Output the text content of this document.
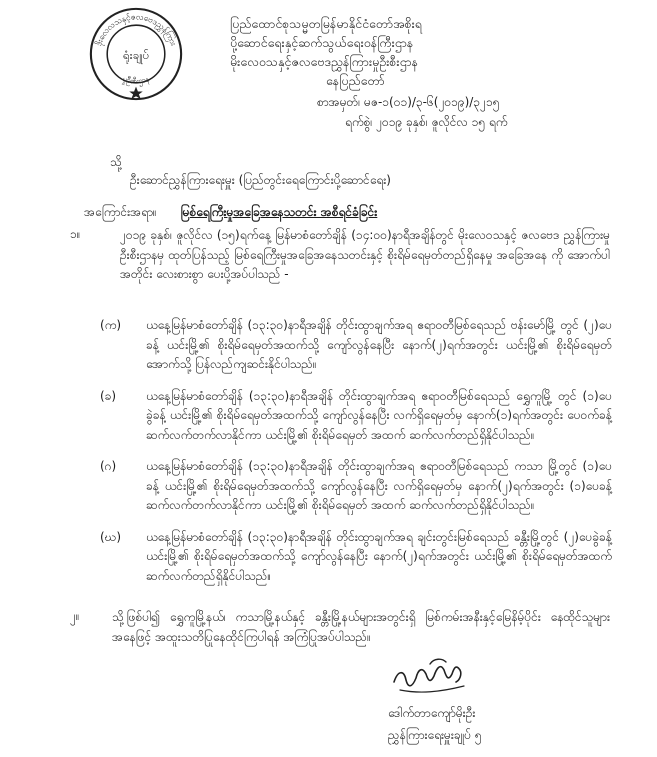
ဒိုးလေလသနှင့်ဇလဗေဒညွှန်ကြား
မှုဦးစီးဌာန
ရုံးချုပ်
ပြည်ထောင်စုသမ္မတမြန်မာနိုင်ငံတော်အစိုးရ
ပို့ဆောင်ရေးနှင့်ဆက်သွယ်ရေးဝန်ကြီးဌာန
မိုးလေဝသနှင့်ဇလဗေဒညွှန်ကြားမှုဦးစီးဌာန
နေပြည်တော်
စာအမှတ်၊ မဇ-၁(၀၁)/၃-၆(၂၀၁၉)/၃၂၁၅
ရက်စွဲ၊ ၂၀၁၉ ခုနှစ်၊ ဇူလိုင်လ ၁၅ ရက်
သို့
ဦးဆောင်ညွှန်ကြားရေးမှူး (ပြည်တွင်းရေကြောင်းပို့ဆောင်ရေး)
အကြောင်းအရာ။ မြစ်ရေကြီးမှုအခြေအနေသတင်း အစီရင်ခံခြင်း
၁။	၂၀၁၉ ခုနှစ်၊ ဇူလိုင်လ (၁၅)ရက်နေ့ မြန်မာစံတော်ချိန် (၁၄:၀၀)နာရီအချိန်တွင် မိုးလေဝသနှင့် ဇလဗေဒ ညွှန်ကြားမှုဦးစီးဌာနမှ ထုတ်ပြန်သည့် မြစ်ရေကြီးမှုအခြေအနေသတင်းနှင့် စိုးရိမ်ရေမှတ်တည်ရှိနေမှု အခြေအနေ ကို အောက်ပါအတိုင်း လေးစားစွာ ပေးပို့အပ်ပါသည် -
(က)	ယနေ့မြန်မာစံတော်ချိန် (၁၃:၃၀)နာရီအချိန် တိုင်းထွာချက်အရ ဧရာဝတီမြစ်ရေသည် ဗန်းမော်မြို့ တွင် (၂)ပေခန့် ယင်းမြို့၏ စိုးရိမ်ရေမှတ်အထက်သို့ ကျော်လွန်နေပြီး နောက်(၂)ရက်အတွင်း ယင်းမြို့၏ စိုးရိမ်ရေမှတ်အောက်သို့ ပြန်လည်ကျဆင်းနိုင်ပါသည်။
(ခ)	ယနေ့မြန်မာစံတော်ချိန် (၁၃:၃၀)နာရီအချိန် တိုင်းထွာချက်အရ ဧရာဝတီမြစ်ရေသည် ရွှေကူမြို့ တွင် (၁)ပေခွဲခန့် ယင်းမြို့၏ စိုးရိမ်ရေမှတ်အထက်သို့ ကျော်လွန်နေပြီး လက်ရှိရေမှတ်မှ နောက်(၁)ရက်အတွင်း ပေဝက်ခန့် ဆက်လက်တက်လာနိုင်ကာ ယင်းမြို့၏ စိုးရိမ်ရေမှတ် အထက် ဆက်လက်တည်ရှိနိုင်ပါသည်။
(ဂ)	ယနေ့မြန်မာစံတော်ချိန် (၁၃:၃၀)နာရီအချိန် တိုင်းထွာချက်အရ ဧရာဝတီမြစ်ရေသည် ကသာ မြို့တွင် (၁)ပေခန့် ယင်းမြို့၏ စိုးရိမ်ရေမှတ်အထက်သို့ ကျော်လွန်နေပြီး လက်ရှိရေမှတ်မှ နောက်(၂)ရက်အတွင်း (၁)ပေခန့် ဆက်လက်တက်လာနိုင်ကာ ယင်းမြို့၏ စိုးရိမ်ရေမှတ် အထက် ဆက်လက်တည်ရှိနိုင်ပါသည်။
(ဃ)	ယနေ့မြန်မာစံတော်ချိန် (၁၃:၃၀)နာရီအချိန် တိုင်းထွာချက်အရ ချင်းတွင်းမြစ်ရေသည် ခန္တီးမြို့တွင် (၂)ပေခွဲခန့် ယင်းမြို့၏ စိုးရိမ်ရေမှတ်အထက်သို့ ကျော်လွန်နေပြီး နောက်(၂)ရက်အတွင်း ယင်းမြို့၏ စိုးရိမ်ရေမှတ်အထက် ဆက်လက်တည်ရှိနိုင်ပါသည်။
၂။	သို့ဖြစ်ပါ၍ ရွှေကူမြို့နယ်၊ ကသာမြို့နယ်နှင့် ခန္တီးမြို့နယ်များအတွင်းရှိ မြစ်ကမ်းအနီးနှင့်မြေနိမ့်ပိုင်း နေထိုင်သူများအနေဖြင့် အထူးသတိပြုနေထိုင်ကြပါရန် အကြံပြုအပ်ပါသည်။
ဒေါက်တာကျော်မိုးဦး
ညွှန်ကြားရေးမှူးချုပ် ၅
